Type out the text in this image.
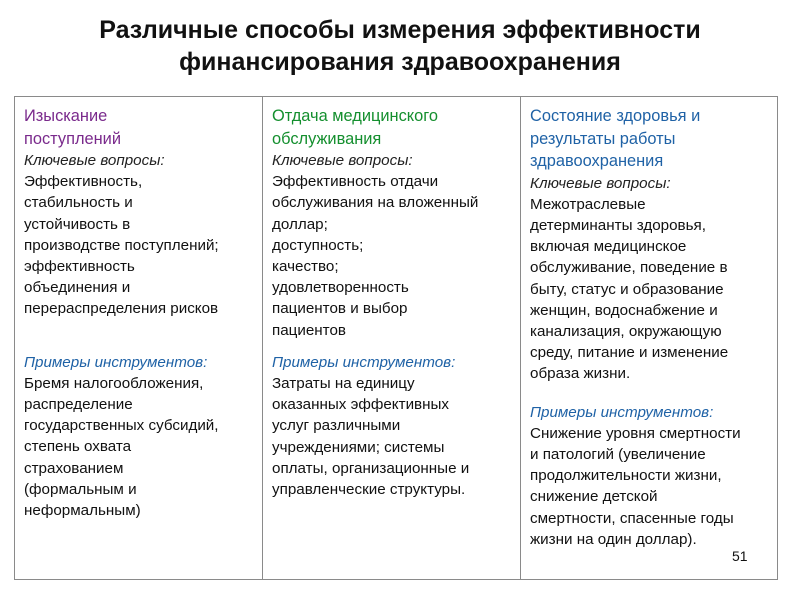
Различные способы измерения эффективности
финансирования здравоохранения
Изыскание
поступлений
Ключевые вопросы:
Эффективность,
стабильность и
устойчивость в
производстве поступлений;
эффективность
объединения и
перераспределения рисков
Примеры инструментов:
Бремя налогообложения,
распределение
государственных субсидий,
степень охвата
страхованием
(формальным и
неформальным)
Отдача медицинского
обслуживания
Ключевые вопросы:
Эффективность отдачи
обслуживания на вложенный
доллар;
доступность;
качество;
удовлетворенность
пациентов и выбор
пациентов
Примеры инструментов:
Затраты на единицу
оказанных эффективных
услуг различными
учреждениями; системы
оплаты, организационные и
управленческие структуры.
Состояние здоровья и
результаты работы
здравоохранения
Ключевые вопросы:
Межотраслевые
детерминанты здоровья,
включая медицинское
обслуживание, поведение в
быту, статус и образование
женщин, водоснабжение и
канализация, окружающую
среду, питание и изменение
образа жизни.
Примеры инструментов:
Снижение уровня смертности
и патологий (увеличение
продолжительности жизни,
снижение детской
смертности, спасенные годы
жизни на один доллар).
51
